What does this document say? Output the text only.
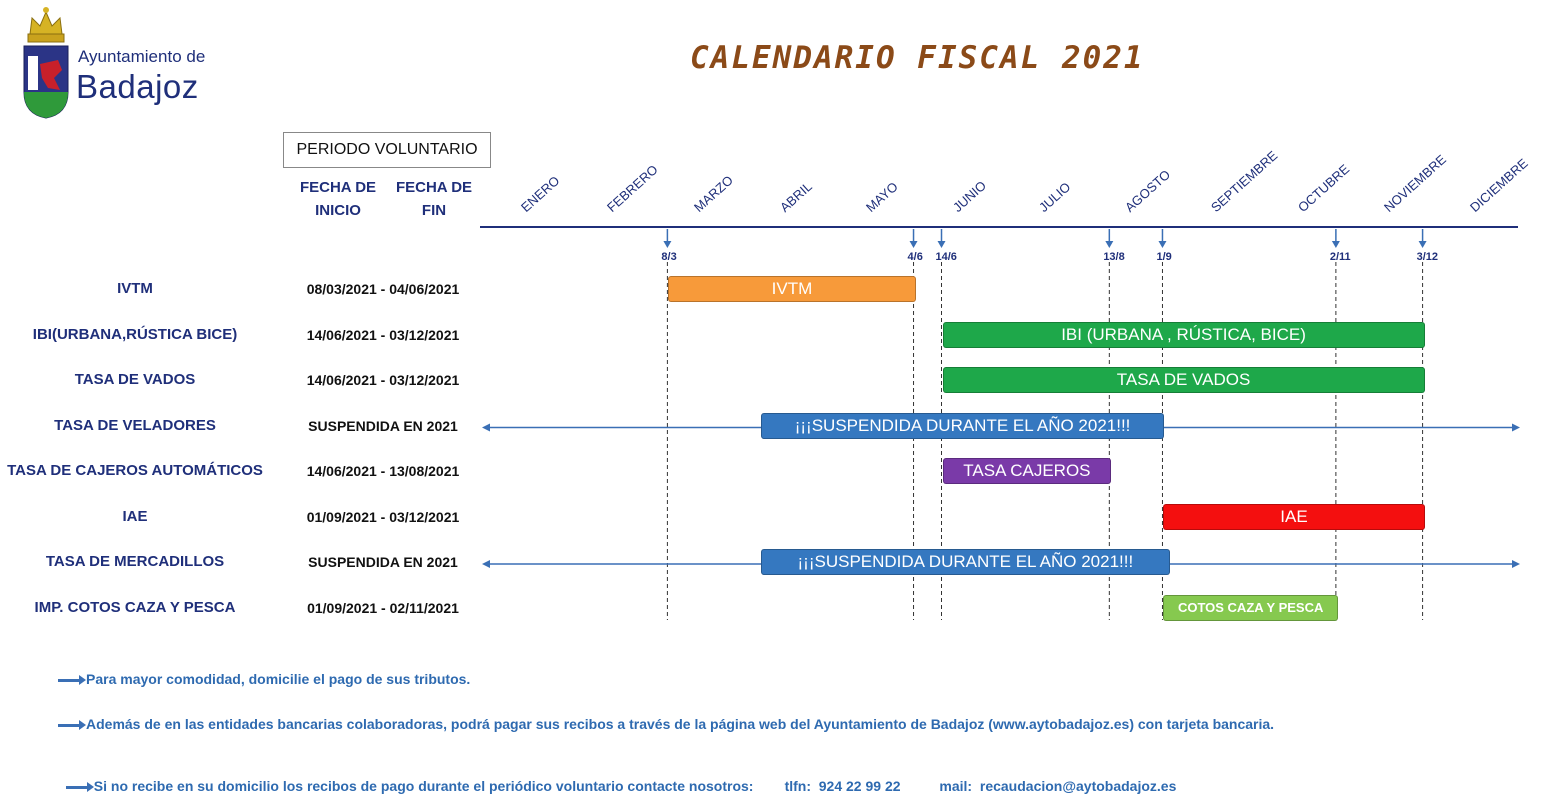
Ayuntamiento de
Badajoz
CALENDARIO FISCAL 2021
PERIODO VOLUNTARIO
FECHA DE
INICIO
FECHA DE
FIN	ENERO	FEBRERO MARZO	ABRIL	MAYO	JUNIO	JULIO	AGOSTO	SEPTIEMBRE OCTUBRE NOVIEMBRE DICIEMBRE
8/3	4/6 14/6	13/8	1/9	2/11	3/12
IVTM	08/03/2021 - 04/06/2021	IVTM
IBI(URBANA,RÚSTICA BICE)	14/06/2021 - 03/12/2021	IBI (URBANA , RÚSTICA, BICE)
TASA DE VADOS	14/06/2021 - 03/12/2021	TASA DE VADOS
TASA DE VELADORES	SUSPENDIDA EN 2021	¡¡¡SUSPENDIDA DURANTE EL AÑO 2021!!!
TASA DE CAJEROS AUTOMÁTICOS	14/06/2021 - 13/08/2021	TASA CAJEROS
IAE	01/09/2021 - 03/12/2021	IAE
TASA DE MERCADILLOS	SUSPENDIDA EN 2021	¡¡¡SUSPENDIDA DURANTE EL AÑO 2021!!!
IMP. COTOS CAZA Y PESCA	01/09/2021 - 02/11/2021	COTOS CAZA Y PESCA
Para mayor comodidad, domicilie el pago de sus tributos.
Además de en las entidades bancarias colaboradoras, podrá pagar sus recibos a través de la página web del Ayuntamiento de Badajoz (www.aytobadajoz.es) con tarjeta bancaria.

Si no recibe en su domicilio los recibos de pago durante el periódico voluntario contacte nosotros:        tlfn:  924 22 99 22          mail:  recaudacion@aytobadajoz.es
